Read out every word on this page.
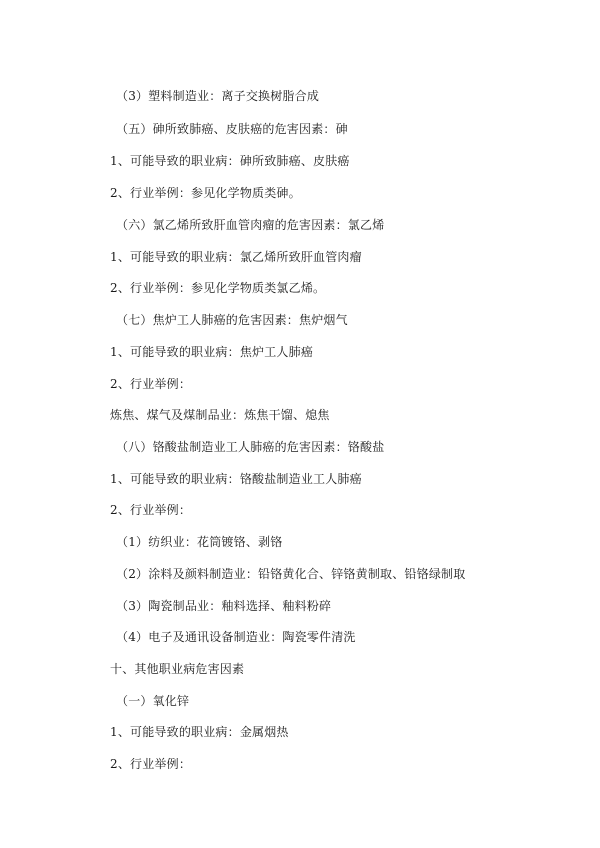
（3）塑料制造业：离子交换树脂合成
（五）砷所致肺癌、皮肤癌的危害因素：砷
1、可能导致的职业病：砷所致肺癌、皮肤癌
2、行业举例：参见化学物质类砷。
（六）氯乙烯所致肝血管肉瘤的危害因素：氯乙烯
1、可能导致的职业病：氯乙烯所致肝血管肉瘤
2、行业举例：参见化学物质类氯乙烯。
（七）焦炉工人肺癌的危害因素：焦炉烟气
1、可能导致的职业病：焦炉工人肺癌
2、行业举例：
炼焦、煤气及煤制品业：炼焦干馏、熄焦
（八）铬酸盐制造业工人肺癌的危害因素：铬酸盐
1、可能导致的职业病：铬酸盐制造业工人肺癌
2、行业举例：
（1）纺织业：花筒镀铬、剥铬
（2）涂料及颜料制造业：铅铬黄化合、锌铬黄制取、铅铬绿制取
（3）陶瓷制品业：釉料选择、釉料粉碎
（4）电子及通讯设备制造业：陶瓷零件清洗
十、其他职业病危害因素
（一）氧化锌
1、可能导致的职业病：金属烟热
2、行业举例：
